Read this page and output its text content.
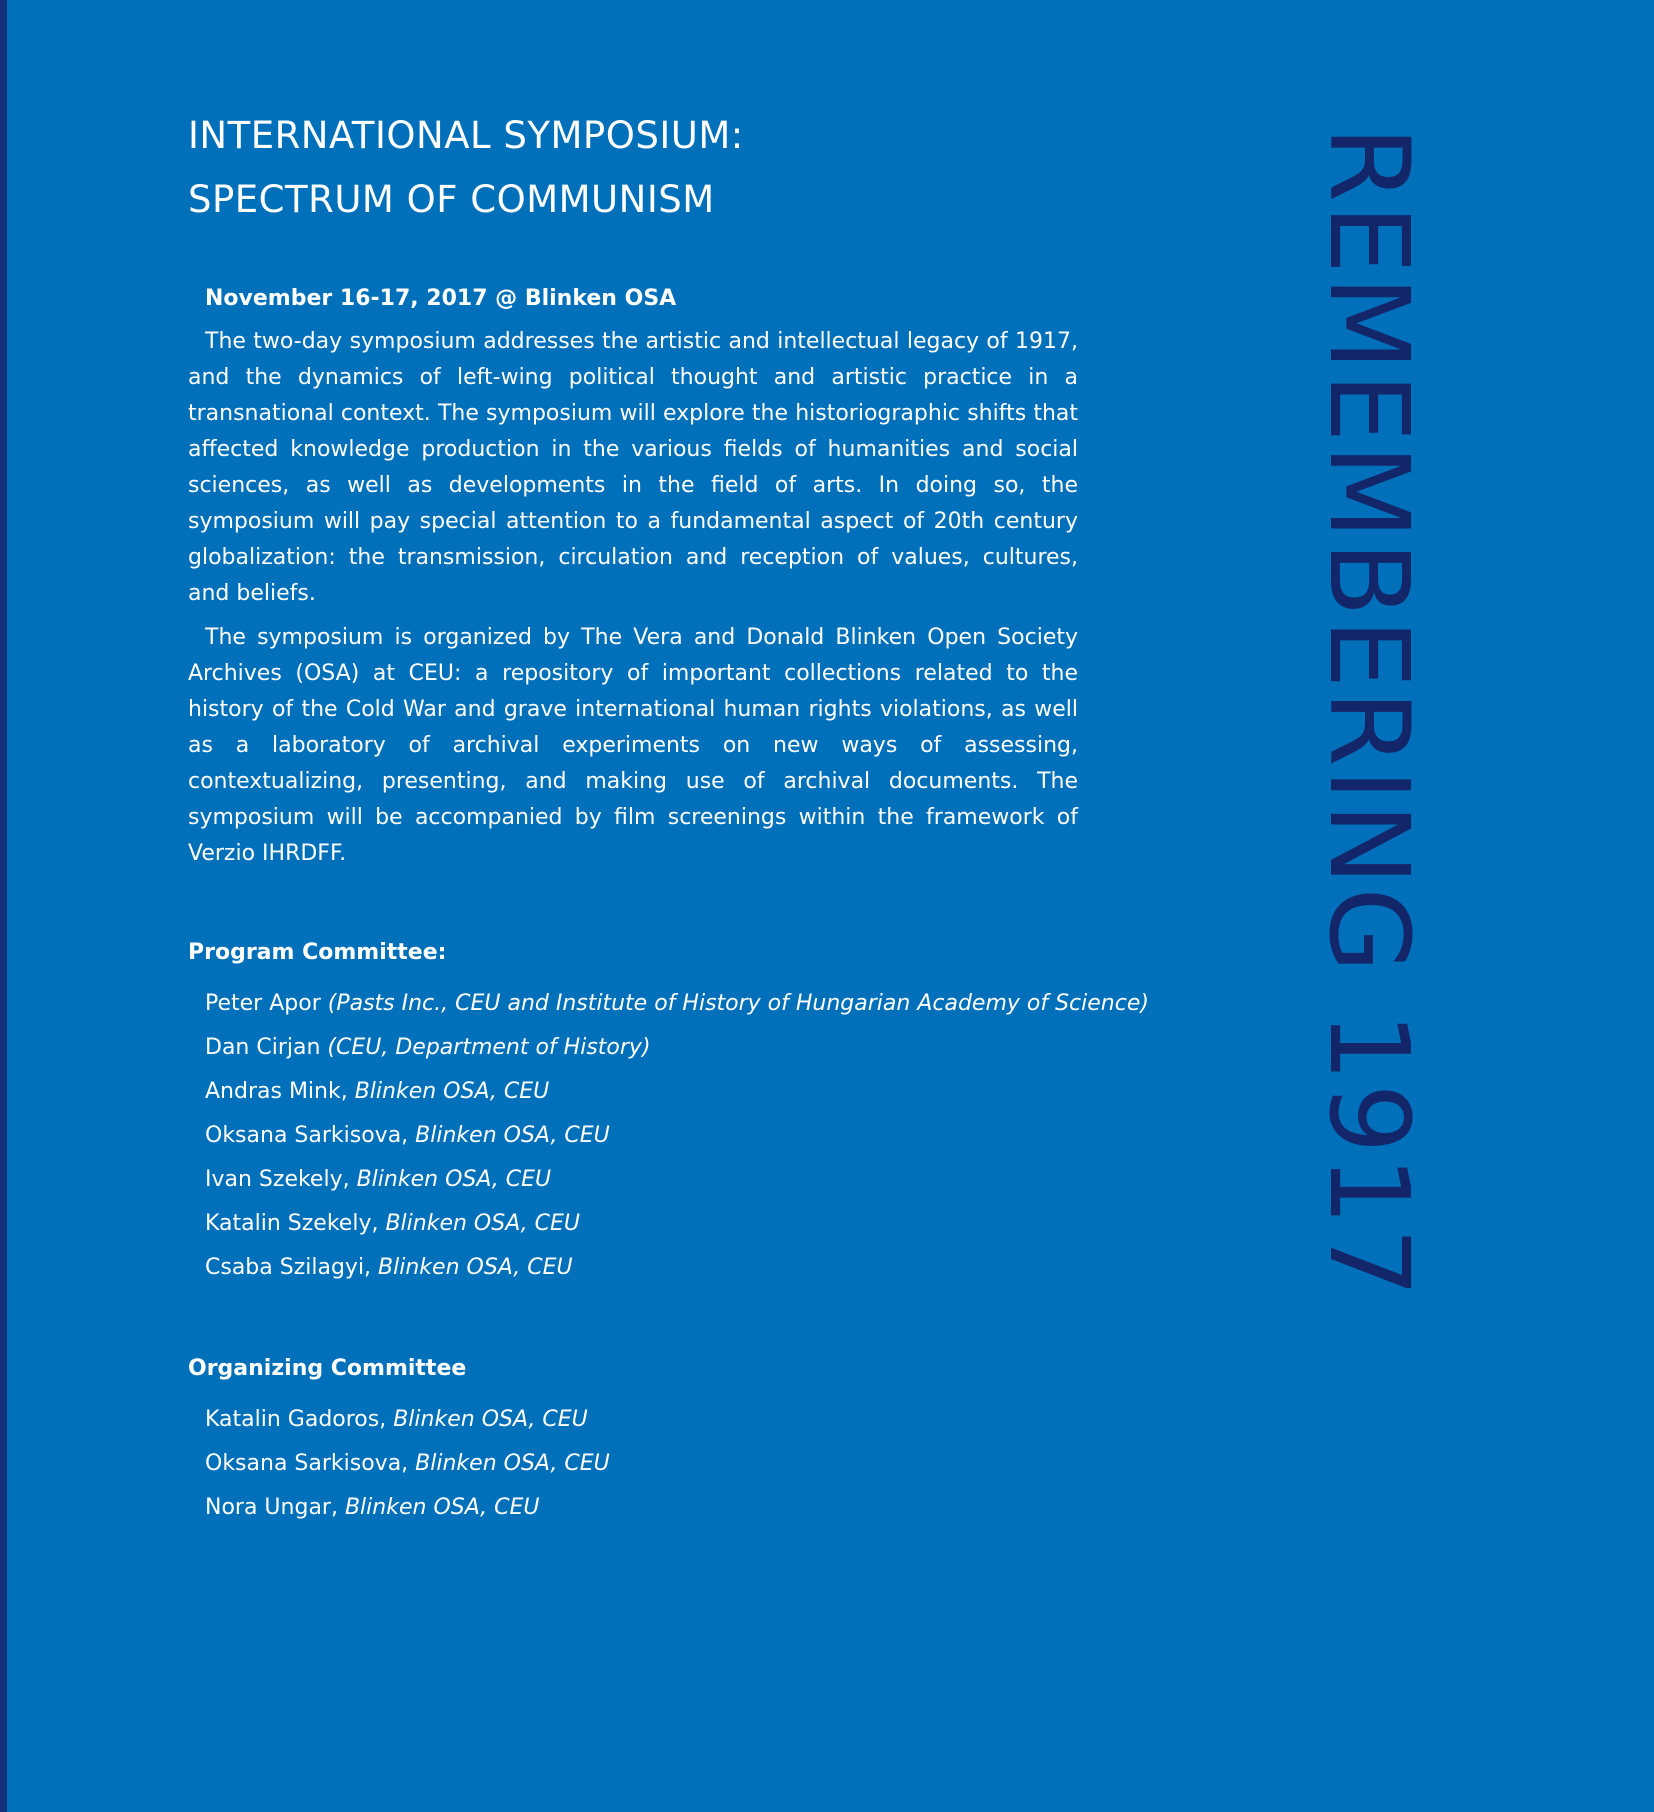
INTERNATIONAL SYMPOSIUM:
SPECTRUM OF COMMUNISM
November 16-17, 2017 @ Blinken OSA

The two-day symposium addresses the artistic and intellectual legacy of 1917, and the dynamics of left-wing political thought and artistic practice in a transnational context. The symposium will explore the historiographic shifts that affected knowledge production in the various fields of humanities and social sciences, as well as developments in the field of arts. In doing so, the symposium will pay special attention to a fundamental aspect of 20th century globalization: the transmission, circulation and reception of values, cultures, and beliefs.

The symposium is organized by The Vera and Donald Blinken Open Society Archives (OSA) at CEU: a repository of important collections related to the history of the Cold War and grave international human rights violations, as well as a laboratory of archival experiments on new ways of assessing, contextualizing, presenting, and making use of archival documents. The symposium will be accompanied by film screenings within the framework of Verzio IHRDFF.

Program Committee:
Peter Apor (Pasts Inc., CEU and Institute of History of Hungarian Academy of Science)
Dan Cirjan (CEU, Department of History)
Andras Mink, Blinken OSA, CEU
Oksana Sarkisova, Blinken OSA, CEU
Ivan Szekely, Blinken OSA, CEU
Katalin Szekely, Blinken OSA, CEU
Csaba Szilagyi, Blinken OSA, CEU
Organizing Committee
Katalin Gadoros, Blinken OSA, CEU
Oksana Sarkisova, Blinken OSA, CEU
Nora Ungar, Blinken OSA, CEU
REMEMBERING 1917
